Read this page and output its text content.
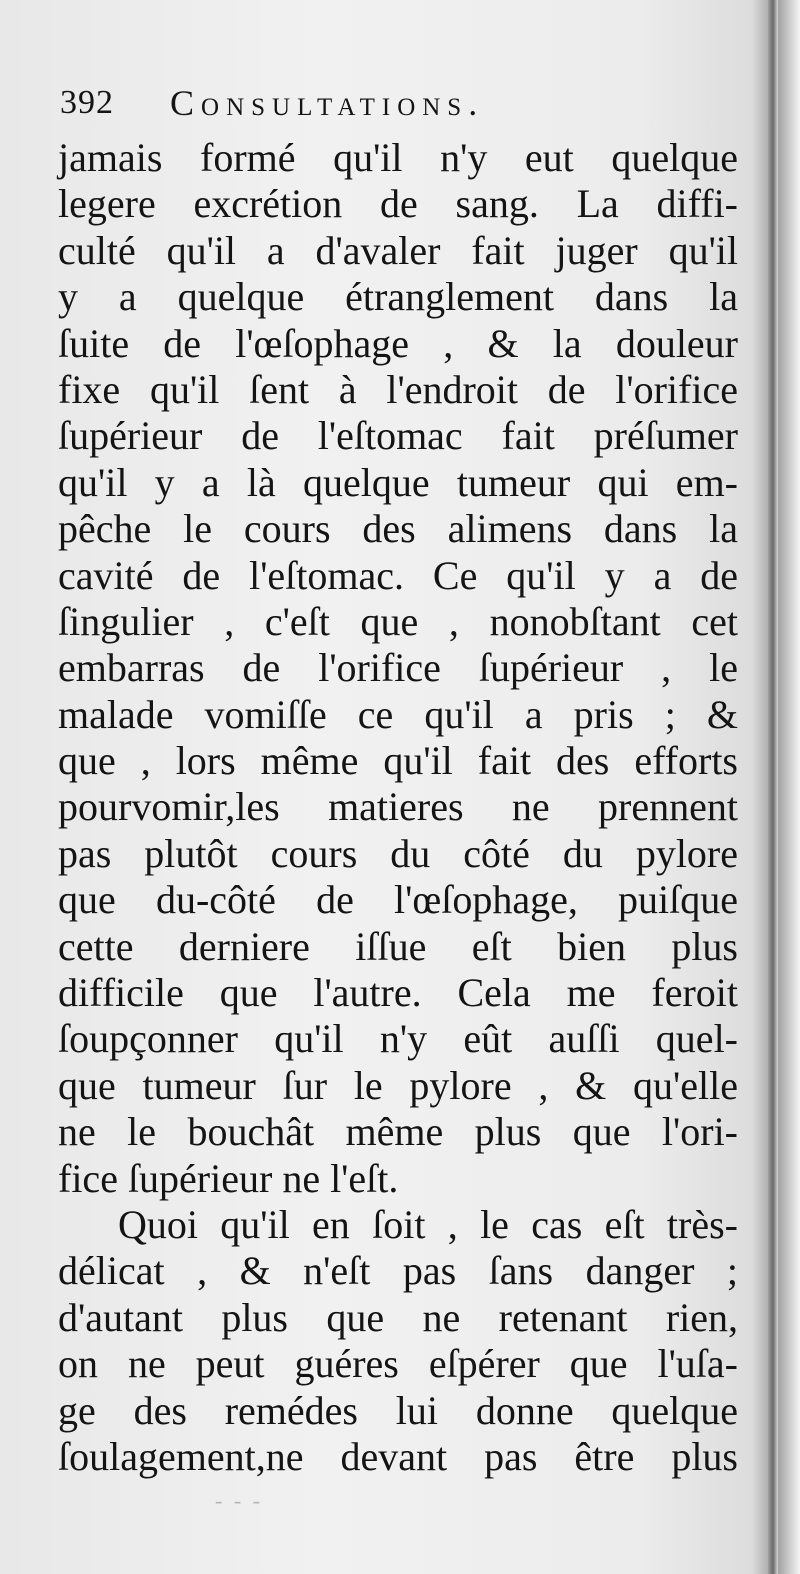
392 Consultations.
jamais formé qu'il n'y eut quelque
legere excrétion de sang. La diffi-
culté qu'il a d'avaler fait juger qu'il
y a quelque étranglement dans la
ſuite de l'œſophage , & la douleur
fixe qu'il ſent à l'endroit de l'orifice
ſupérieur de l'eſtomac fait préſumer
qu'il y a là quelque tumeur qui em-
pêche le cours des alimens dans la
cavité de l'eſtomac. Ce qu'il y a de
ſingulier , c'eſt que , nonobſtant cet
embarras de l'orifice ſupérieur , le
malade vomiſſe ce qu'il a pris ; &
que , lors même qu'il fait des efforts
pourvomir,les matieres ne prennent
pas plutôt cours du côté du pylore
que du-côté de l'œſophage, puiſque
cette derniere iſſue eſt bien plus
difficile que l'autre. Cela me feroit
ſoupçonner qu'il n'y eût auſſi quel-
que tumeur ſur le pylore , & qu'elle
ne le bouchât même plus que l'ori-
fice ſupérieur ne l'eſt.
Quoi qu'il en ſoit , le cas eſt très-
délicat , & n'eſt pas ſans danger ;
d'autant plus que ne retenant rien,
on ne peut guéres eſpérer que l'uſa-
ge des remédes lui donne quelque
ſoulagement,ne devant pas être plus
- - -
